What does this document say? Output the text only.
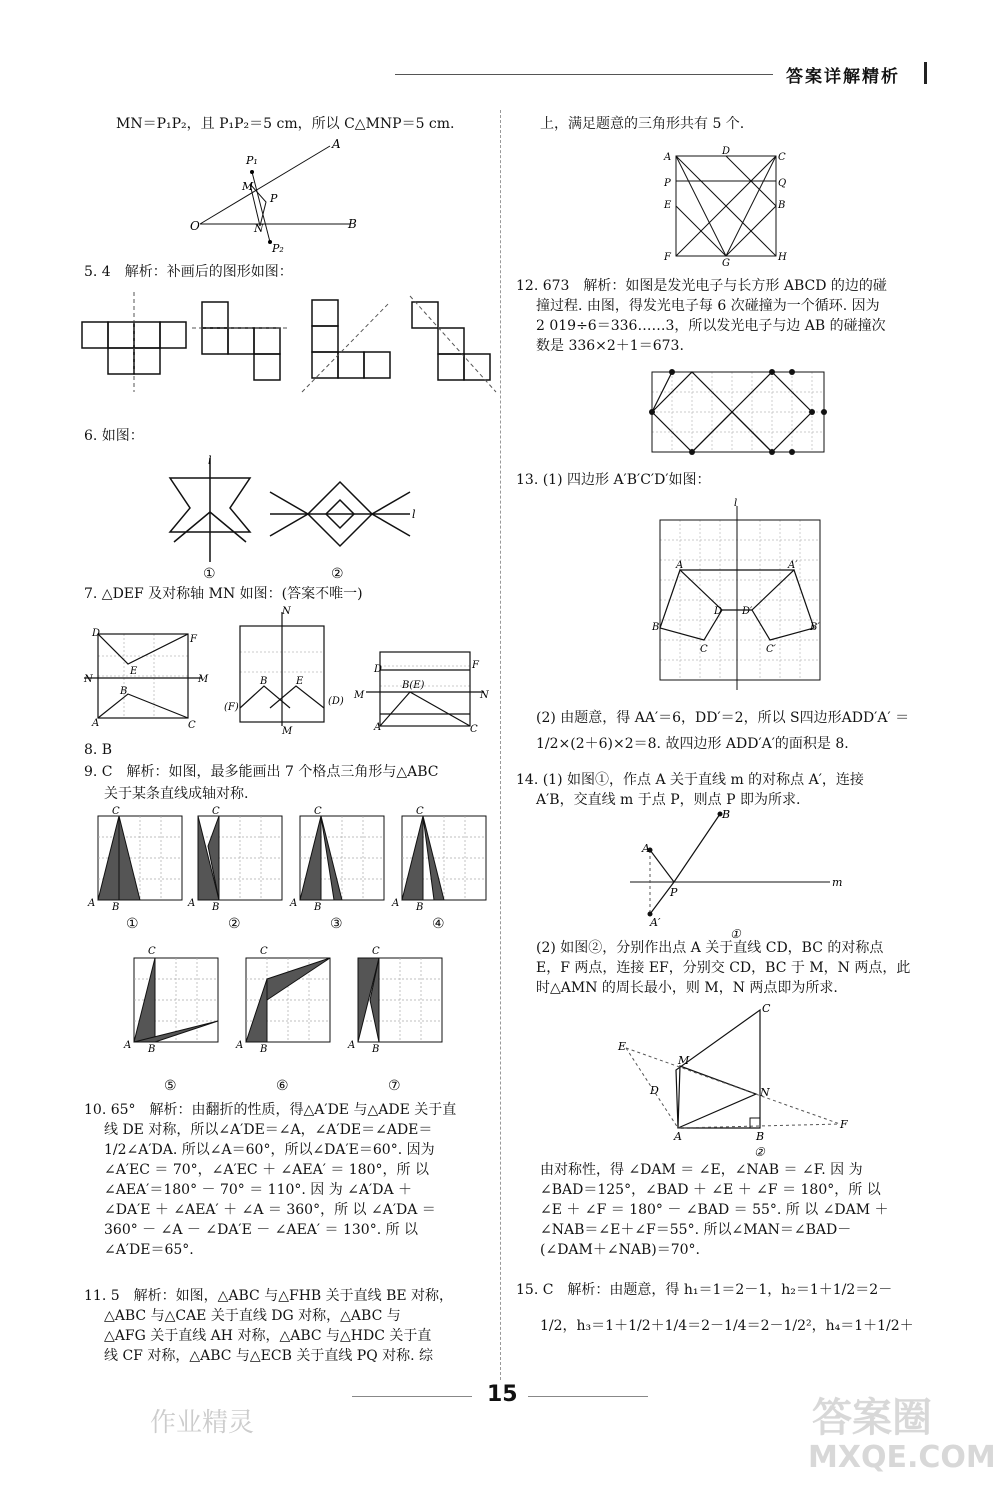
答案详解精析
MN＝P₁P₂，且 P₁P₂＝5 cm，所以 C△MNP＝5 cm.
O
A
B
P₁
M
P
N
P₂
5. 4　解析：补画后的图形如图：
6. 如图：
l
l
①	②
7. △DEF 及对称轴 MN 如图：(答案不唯一)
D
F
N	M
E
B
A	C
N
M
(F)
(D)
B	E
D	F
M	N
B(E)
A	C
8. B
9. C　解析：如图，最多能画出 7 个格点三角形与△ABC
关于某条直线成轴对称.
C	C	C	C
A B	A B	A B	A B
①	②	③	④
C	C	C
A B	A B	A B
⑤	⑥	⑦
10. 65°　解析：由翻折的性质，得△A′DE 与△ADE 关于直
线 DE 对称，所以∠A′DE＝∠A，∠A′DE＝∠ADE＝
1/2∠A′DA. 所以∠A＝60°，所以∠DA′E＝60°. 因为
∠A′EC ＝ 70°，∠A′EC ＋ ∠AEA′ ＝ 180°，所 以
∠AEA′＝180° － 70° ＝ 110°. 因 为 ∠A′DA ＋
∠DA′E ＋ ∠AEA′ ＋ ∠A ＝ 360°，所 以 ∠A′DA ＝
360° － ∠A － ∠DA′E － ∠AEA′ ＝ 130°. 所 以
∠A′DE＝65°.
11. 5　解析：如图，△ABC 与△FHB 关于直线 BE 对称，
△ABC 与△CAE 关于直线 DG 对称，△ABC 与
△AFG 关于直线 AH 对称，△ABC 与△HDC 关于直
线 CF 对称，△ABC 与△ECB 关于直线 PQ 对称. 综
上，满足题意的三角形共有 5 个.
A
D
C
P	Q
E	B
F
G
H
12. 673　解析：如图是发光电子与长方形 ABCD 的边的碰
撞过程. 由图，得发光电子每 6 次碰撞为一个循环. 因为
2 019÷6＝336……3，所以发光电子与边 AB 的碰撞次
数是 336×2＋1＝673.
13. (1) 四边形 A′B′C′D′如图：
l
A	A′
B	B′
C	C′
D D′
(2) 由题意，得 AA′＝6，DD′＝2，所以 S四边形ADD′A′ ＝
1/2×(2＋6)×2＝8. 故四边形 ADD′A′的面积是 8.
14. (1) 如图①，作点 A 关于直线 m 的对称点 A′，连接
A′B，交直线 m 于点 P，则点 P 即为所求.
B
A
P
A′
m
①
(2) 如图②，分别作出点 A 关于直线 CD，BC 的对称点
E，F 两点，连接 EF，分别交 CD，BC 于 M，N 两点，此
时△AMN 的周长最小，则 M，N 两点即为所求.
C
E
M
D	N
A	B
F
②
由对称性，得 ∠DAM ＝ ∠E，∠NAB ＝ ∠F. 因 为
∠BAD＝125°，∠BAD ＋ ∠E ＋ ∠F ＝ 180°，所 以
∠E ＋ ∠F ＝ 180° － ∠BAD ＝ 55°. 所 以 ∠DAM ＋
∠NAB＝∠E＋∠F＝55°. 所以∠MAN＝∠BAD－
(∠DAM＋∠NAB)＝70°.
15. C　解析：由题意，得 h₁＝1＝2－1，h₂＝1＋1/2＝2－
1/2，h₃＝1＋1/2＋1/4＝2－1/4＝2－1/2²，h₄＝1＋1/2＋
15
作业精灵	答案圈
MXQE.COM
